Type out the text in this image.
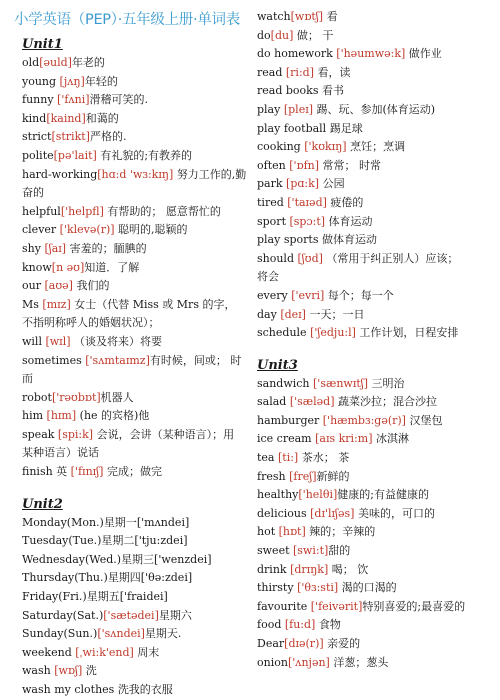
小学英语（PEP）·五年级上册·单词表
Unit1
old[əuld]年老的
young [jʌŋ]年轻的
funny ['fʌni]滑稽可笑的.
kind[kaind]和蔼的
strict[strikt]严格的.
polite[pə'lait] 有礼貌的;有教养的
hard-working[hɑ:d 'wɜ:kɪŋ] 努力工作的,勤
奋的
helpful['helpfl] 有帮助的； 愿意帮忙的
clever ['klevə(r)] 聪明的,聪颖的
shy [ʃaɪ] 害羞的；腼腆的
know[n əʊ]知道．了解
our [aʊə] 我们的
Ms [mɪz] 女士（代替 Miss 或 Mrs 的字，
不指明称呼人的婚姻状况）；
will [wɪl] （谈及将来）将要
sometimes ['sʌmtaɪmz]有时候，间或； 时
而
robot['rəʊbɒt]机器人
him [hɪm] (he 的宾格)他
speak [spi:k] 会说，会讲（某种语言）；用
某种语言）说话
finish 英 ['fɪnɪʃ] 完成；做完
Unit2
Monday(Mon.)星期一['mʌndei]
Tuesday(Tue.)星期二['tju:zdei]
Wednesday(Wed.)星期三['wenzdei]
Thursday(Thu.)星期四['θə:zdei]
Friday(Fri.)星期五['fraidei]
Saturday(Sat.)['sætədei]星期六
Sunday(Sun.)['sʌndei]星期天.
weekend [ˌwi:k'end] 周末
wash [wɒʃ] 洗
wash my clothes 洗我的衣服
watch[wɒtʃ] 看
do[du] 做； 干
do homework ['həumwə:k] 做作业
read [ri:d] 看，读
read books 看书
play [pleɪ] 踢、玩、参加(体育运动)
play football 踢足球
cooking ['kʊkɪŋ] 烹饪；烹调
often ['ɒfn] 常常； 时常
park [pɑ:k] 公园
tired ['taɪəd] 疲倦的
sport [spɔ:t] 体育运动
play sports 做体育运动
should [ʃʊd] （常用于纠正别人）应该；
将会
every ['evri] 每个；每一个
day [deɪ] 一天；一日
schedule ['ʃedju:l] 工作计划，日程安排
Unit3
sandwich ['sænwɪtʃ] 三明治
salad ['sæləd] 蔬菜沙拉；混合沙拉
hamburger ['hæmbɜ:gə(r)] 汉堡包
ice cream [aɪs kri:m] 冰淇淋
tea [ti:] 茶水； 茶
fresh [freʃ]新鲜的
healthy['helθi]健康的;有益健康的
delicious [dɪ'lɪʃəs] 美味的，可口的
hot [hɒt] 辣的；辛辣的
sweet [swi:t]甜的
drink [drɪŋk] 喝； 饮
thirsty ['θɜ:sti] 渴的口渴的
favourite ['feivərit]特别喜爱的;最喜爱的
food [fu:d] 食物
Dear[dɪə(r)] 亲爱的
onion['ʌnjən] 洋葱；葱头
